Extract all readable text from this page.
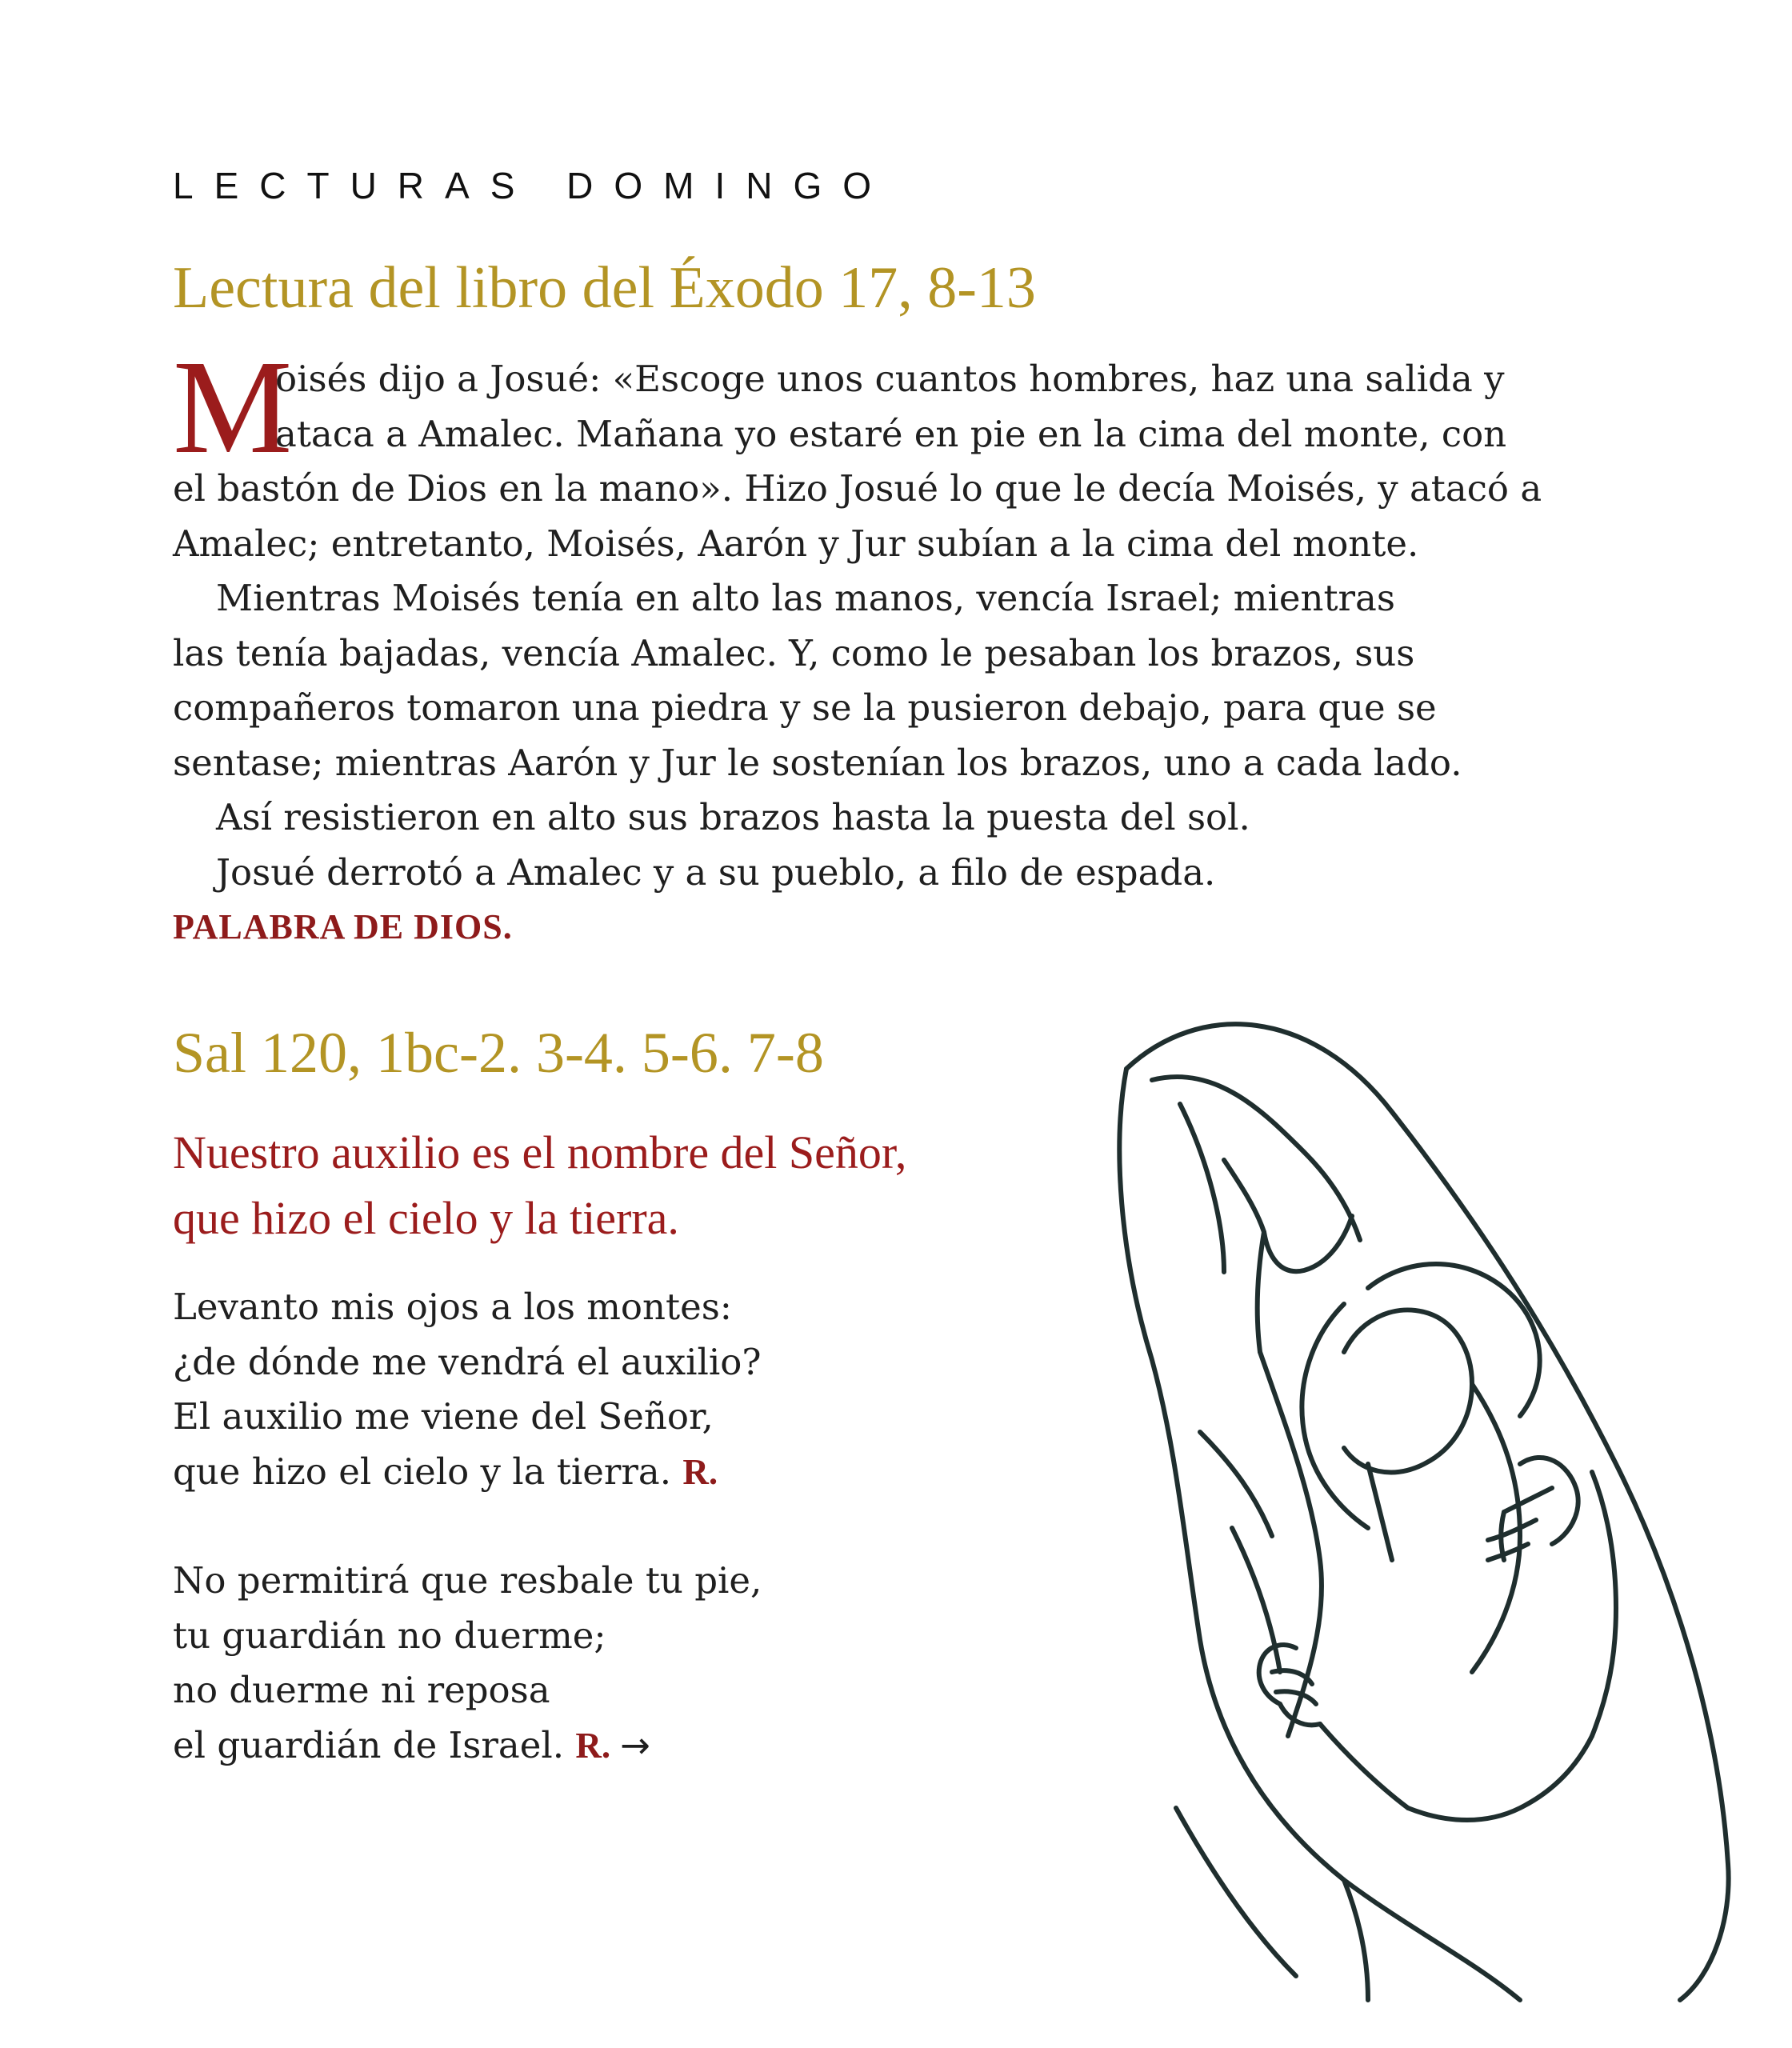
LECTURAS DOMINGO
Lectura del libro del Éxodo 17, 8-13
M
oisés dijo a Josué: «Escoge unos cuantos hombres, haz una salida y
ataca a Amalec. Mañana yo estaré en pie en la cima del monte, con
el bastón de Dios en la mano». Hizo Josué lo que le decía Moisés, y atacó a
Amalec; entretanto, Moisés, Aarón y Jur subían a la cima del monte.
Mientras Moisés tenía en alto las manos, vencía Israel; mientras
las tenía bajadas, vencía Amalec. Y, como le pesaban los brazos, sus
compañeros tomaron una piedra y se la pusieron debajo, para que se
sentase; mientras Aarón y Jur le sostenían los brazos, uno a cada lado.
Así resistieron en alto sus brazos hasta la puesta del sol.
Josué derrotó a Amalec y a su pueblo, a filo de espada.
PALABRA DE DIOS.
Sal 120, 1bc-2. 3-4. 5-6. 7-8
Nuestro auxilio es el nombre del Señor,
que hizo el cielo y la tierra.
Levanto mis ojos a los montes:
¿de dónde me vendrá el auxilio?
El auxilio me viene del Señor,
que hizo el cielo y la tierra. R.
No permitirá que resbale tu pie,
tu guardián no duerme;
no duerme ni reposa
el guardián de Israel. R. →
